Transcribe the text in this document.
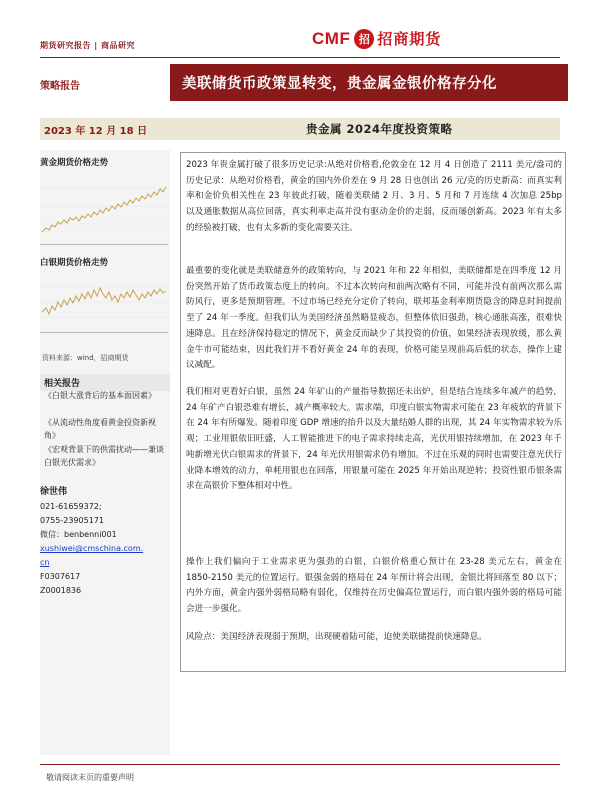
期货研究报告 | 商品研究	CMF 招 招商期货
策略报告	美联储货币政策显转变，贵金属金银价格存分化
2023 年 12 月 18 日	贵金属 2024年度投资策略
黄金期货价格走势
白银期货价格走势
资料来源：wind，招商期货
相关报告
《白银大涨背后的基本面因素》
《从流动性角度看黄金投资新视角》
《宏观背景下的供需扰动——兼谈白银光伏需求》
徐世伟
021-61659372;
0755-23905171
微信：benbenni001
xushiwei@cmschina.com.
cn
F0307617
Z0001836
2023 年贵金属打破了很多历史记录:从绝对价格看,伦敦金在 12 月 4 日创造了 2111 美元/盎司的历史记录：从绝对价格看，黄金的国内外价差在 9 月 28 日也创出 26 元/克的历史新高：而真实利率和金价负相关性在 23 年彼此打破，随着美联储 2 月、3 月、5 月和 7 月连续 4 次加息 25bp 以及通胀数据从高位回落，真实利率走高并没有驱动金价的走弱，反而屡创新高。2023 年有太多的经验被打破，也有太多新的变化需要关注。
最重要的变化就是美联储意外的政策转向，与 2021 年和 22 年相似，美联储都是在四季度 12 月份突然开始了货币政策态度上的转向。不过本次转向和前两次略有不同，可能并没有前两次那么需防风行，更多是预期管理。不过市场已经充分定价了转向，联邦基金利率期货隐含的降息时间提前至了 24 年一季度。但我们认为美国经济虽然略显疲态，但整体依旧强劲，核心通胀高涨，很难快速降息。且在经济保持稳定的情况下，黄金反而缺少了其投资的价值，如果经济表现放缓，那么黄金牛市可能结束，因此我们并不看好黄金 24 年的表现，价格可能呈现前高后低的状态，操作上建议减配。
我们相对更看好白银，虽然 24 年矿山的产量指导数据还未出炉，但是结合连续多年减产的趋势，24 年矿产白银恐难有增长，减产概率较大。需求端，印度白银实物需求可能在 23 年疲软的背景下在 24 年有所爆发。随着印度 GDP 增速的抬升以及大量结婚人群的出现，其 24 年实物需求较为乐观；工业用银依旧旺盛，人工智能推进下的电子需求持续走高，光伏用银持续增加，在 2023 年千吨新增光伏白银需求的背景下，24 年光伏用银需求仍有增加。不过在乐观的同时也需要注意光伏行业降本增效的动力，单耗用银也在回落，用银量可能在 2025 年开始出现逆转；投资性银币银条需求在高银价下整体相对中性。
操作上我们偏向于工业需求更为强劲的白银，白银价格重心预计在 23-28 美元左右，黄金在 1850-2150 美元的位置运行。银强金弱的格局在 24 年预计将会出现，金银比将回落至 80 以下；内外方面，黄金内强外弱格局略有弱化，仅维持在历史偏高位置运行，而白银内强外弱的格局可能会进一步强化。
风险点：美国经济表现弱于预期，出现硬着陆可能，迫使美联储提前快速降息。
敬请阅读末页的重要声明
